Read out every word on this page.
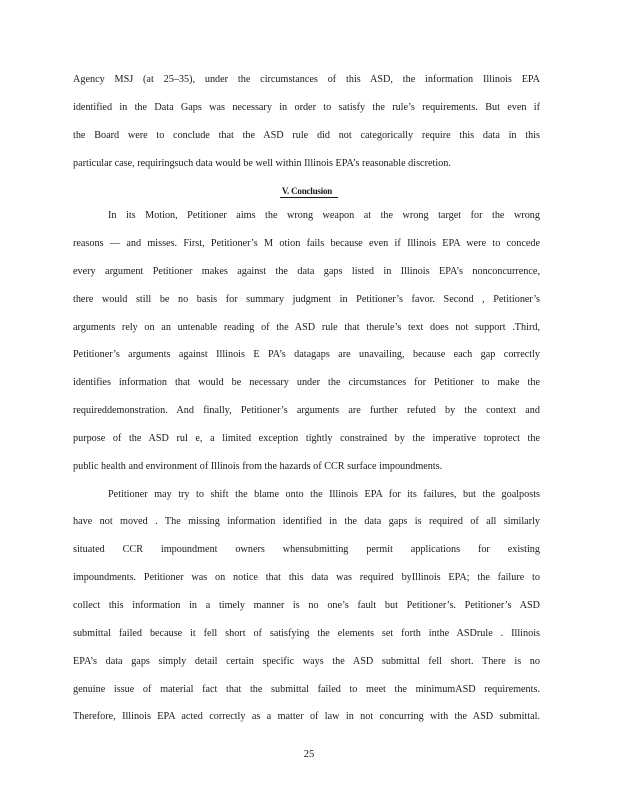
Agency MSJ (at 25–35), under the circumstances of this ASD, the information Illinois EPA
identified in the Data Gaps was necessary in order to satisfy the rule’s requirements. But even if
the Board were to conclude that the ASD rule did not categorically require this data in this
particular case, requiringsuch data would be well within Illinois EPA’s reasonable discretion.
V. Conclusion
In its Motion, Petitioner aims the wrong weapon at the wrong target for the wrong
reasons — and misses. First, Petitioner’s M otion fails because even if Illinois EPA were to concede
every argument Petitioner makes against the data gaps listed in Illinois EPA’s nonconcurrence,
there would still be no basis for summary judgment in Petitioner’s favor. Second , Petitioner’s
arguments rely on an untenable reading of the ASD rule that therule’s text does not support .Third,
Petitioner’s arguments against Illinois E PA’s datagaps are unavailing, because each gap correctly
identifies information that would be necessary under the circumstances for Petitioner to make the
requireddemonstration. And finally, Petitioner’s arguments are further refuted by the context and
purpose of the ASD rul e, a limited exception tightly constrained by the imperative toprotect the
public health and environment of Illinois from the hazards of CCR surface impoundments.
Petitioner may try to shift the blame onto the Illinois EPA for its failures, but the goalposts
have not moved . The missing information identified in the data gaps is required of all similarly
situated CCR impoundment owners whensubmitting permit applications for existing
impoundments. Petitioner was on notice that this data was required byIllinois EPA; the failure to
collect this information in a timely manner is no one’s fault but Petitioner’s. Petitioner’s ASD
submittal failed because it fell short of satisfying the elements set forth inthe ASDrule . Illinois
EPA’s data gaps simply detail certain specific ways the ASD submittal fell short. There is no
genuine issue of material fact that the submittal failed to meet the minimumASD requirements.
Therefore, Illinois EPA acted correctly as a matter of law in not concurring with the ASD submittal.
25
